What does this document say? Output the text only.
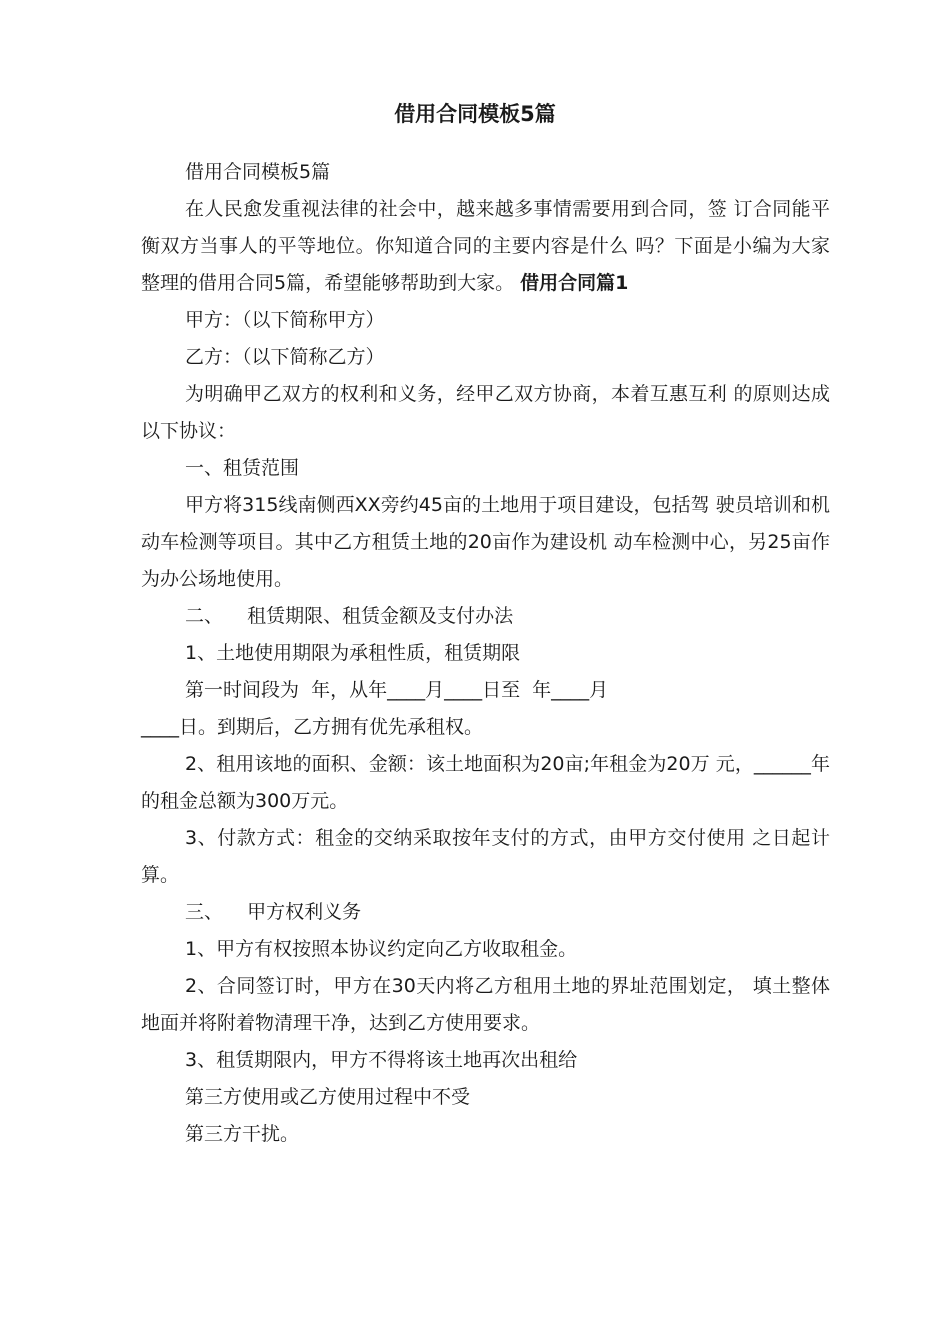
借用合同模板5篇

借用合同模板5篇

在人民愈发重视法律的社会中，越来越多事情需要用到合同，签 订合同能平衡双方当事人的平等地位。你知道合同的主要内容是什么 吗？下面是小编为大家整理的借用合同5篇，希望能够帮助到大家。 借用合同篇1

甲方：（以下简称甲方）

乙方：（以下简称乙方）

为明确甲乙双方的权利和义务，经甲乙双方协商，本着互惠互利 的原则达成以下协议：

一、租赁范围

甲方将315线南侧西XX旁约45亩的土地用于项目建设，包括驾 驶员培训和机动车检测等项目。其中乙方租赁土地的20亩作为建设机 动车检测中心，另25亩作为办公场地使用。

二、    租赁期限、租赁金额及支付办法

1、土地使用期限为承租性质，租赁期限

第一时间段为  年，从年____月____日至  年____月

____日。到期后，乙方拥有优先承租权。

2、租用该地的面积、金额：该土地面积为20亩;年租金为20万 元，______年的租金总额为300万元。

3、付款方式：租金的交纳采取按年支付的方式，由甲方交付使用 之日起计算。

三、    甲方权利义务

1、甲方有权按照本协议约定向乙方收取租金。

2、合同签订时，甲方在30天内将乙方租用土地的界址范围划定， 填土整体地面并将附着物清理干净，达到乙方使用要求。

3、租赁期限内，甲方不得将该土地再次出租给

第三方使用或乙方使用过程中不受

第三方干扰。
